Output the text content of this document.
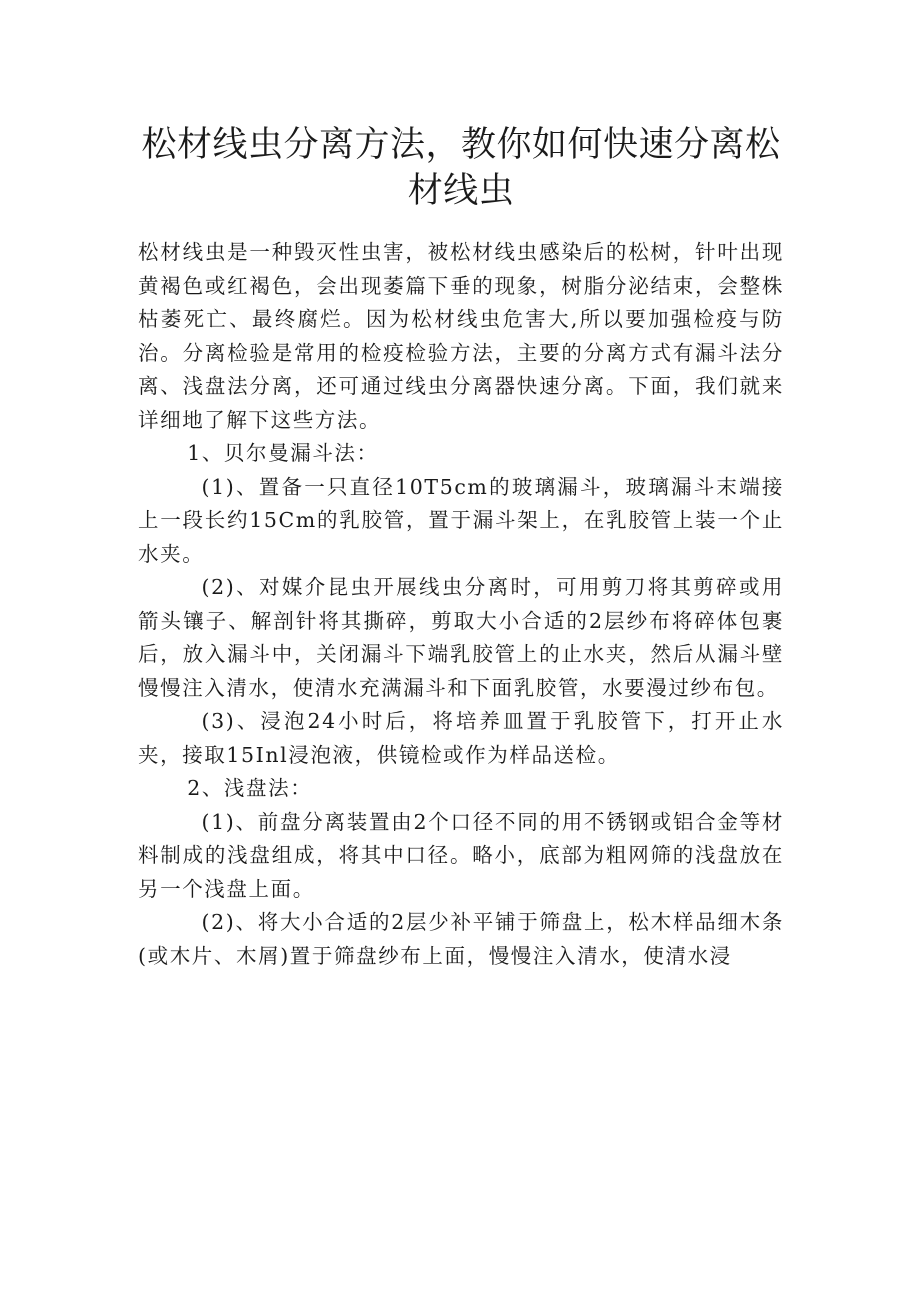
松材线虫分离方法，教你如何快速分离松材线虫

松材线虫是一种毁灭性虫害，被松材线虫感染后的松树，针叶出现黄褐色或红褐色，会出现萎篇下垂的现象，树脂分泌结束，会整株枯萎死亡、最终腐烂。因为松材线虫危害大,所以要加强检疫与防治。分离检验是常用的检疫检验方法，主要的分离方式有漏斗法分离、浅盘法分离，还可通过线虫分离器快速分离。下面，我们就来详细地了解下这些方法。

1、贝尔曼漏斗法：

(1)、置备一只直径10T5cm的玻璃漏斗，玻璃漏斗末端接上一段长约15Cm的乳胶管，置于漏斗架上，在乳胶管上装一个止水夹。

(2)、对媒介昆虫开展线虫分离时，可用剪刀将其剪碎或用箭头镶子、解剖针将其撕碎，剪取大小合适的2层纱布将碎体包裹后，放入漏斗中，关闭漏斗下端乳胶管上的止水夹，然后从漏斗壁慢慢注入清水，使清水充满漏斗和下面乳胶管，水要漫过纱布包。

(3)、浸泡24小时后，将培养皿置于乳胶管下，打开止水夹，接取15Inl浸泡液，供镜检或作为样品送检。

2、浅盘法：

(1)、前盘分离装置由2个口径不同的用不锈钢或铝合金等材料制成的浅盘组成，将其中口径。略小，底部为粗网筛的浅盘放在另一个浅盘上面。

(2)、将大小合适的2层少补平铺于筛盘上，松木样品细木条(或木片、木屑)置于筛盘纱布上面，慢慢注入清水，使清水浸
